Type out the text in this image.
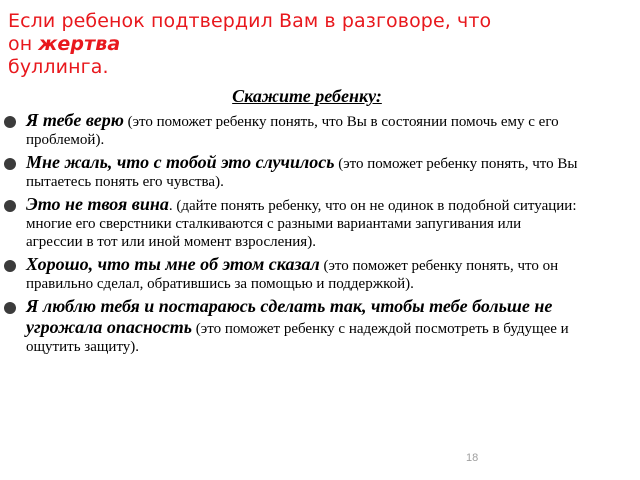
Если ребенок подтвердил Вам в разговоре, что
он жертва
буллинга.
Скажите ребенку:
Я тебе верю (это поможет ребенку понять, что Вы в состоянии помочь ему с его проблемой).
Мне жаль, что с тобой это случилось (это поможет ребенку понять, что Вы пытаетесь понять его чувства).
Это не твоя вина. (дайте понять ребенку, что он не одинок в подобной ситуации: многие его сверстники сталкиваются с разными вариантами запугивания или агрессии в тот или иной момент взросления).
Хорошо, что ты мне об этом сказал (это поможет ребенку понять, что он правильно сделал, обратившись за помощью и поддержкой).
Я люблю тебя и постараюсь сделать так, чтобы тебе больше не угрожала опасность (это поможет ребенку с надеждой посмотреть в будущее и ощутить защиту).
18
